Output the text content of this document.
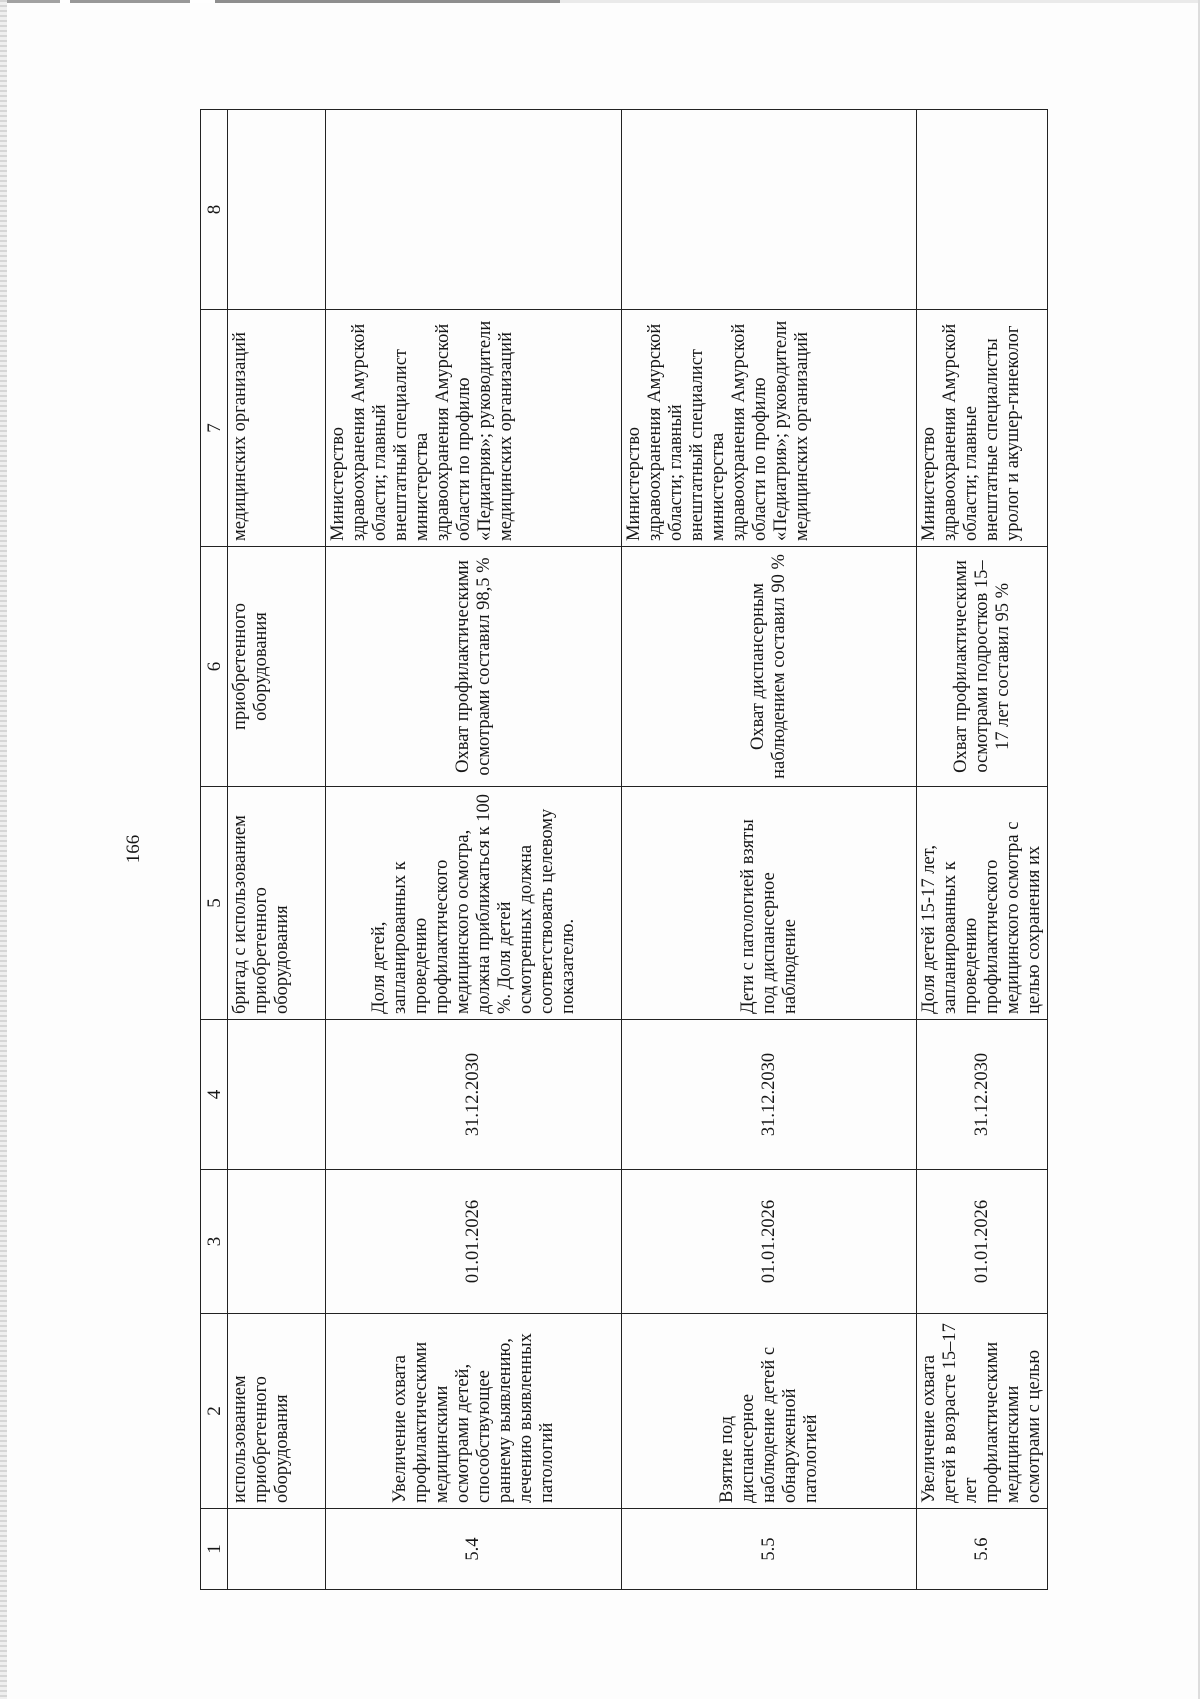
166
1	2	3	4	5	6	7	8
	использованием приобретенного оборудования			бригад с использованием приобретенного оборудования	приобретенного оборудования	медицинских организаций	
5.4	Увеличение охвата профилактическими медицинскими осмотрами детей, способствующее раннему выявлению, лечению выявленных патологий	01.01.2026	31.12.2030	Доля детей, запланированных к проведению профилактического медицинского осмотра, должна приближаться к 100 %. Доля детей осмотренных должна соответствовать целевому показателю.	Охват профилактическими осмотрами составил 98,5 %	Министерство здравоохранения Амурской области; главный внештатный специалист министерства здравоохранения Амурской области по профилю «Педиатрия»; руководители медицинских организаций	
5.5	Взятие под диспансерное наблюдение детей с обнаруженной патологией	01.01.2026	31.12.2030	Дети с патологией взяты под диспансерное наблюдение	Охват диспансерным наблюдением составил 90 %	Министерство здравоохранения Амурской области; главный внештатный специалист министерства здравоохранения Амурской области по профилю «Педиатрия»; руководители медицинских организаций	
5.6	Увеличение охвата детей в возрасте 15–17 лет профилактическими медицинскими осмотрами с целью	01.01.2026	31.12.2030	Доля детей 15-17 лет, запланированных к проведению профилактического медицинского осмотра с целью сохранения их	Охват профилактическими осмотрами подростков 15–17 лет составил 95 %	Министерство здравоохранения Амурской области; главные внештатные специалисты уролог и акушер-гинеколог	
